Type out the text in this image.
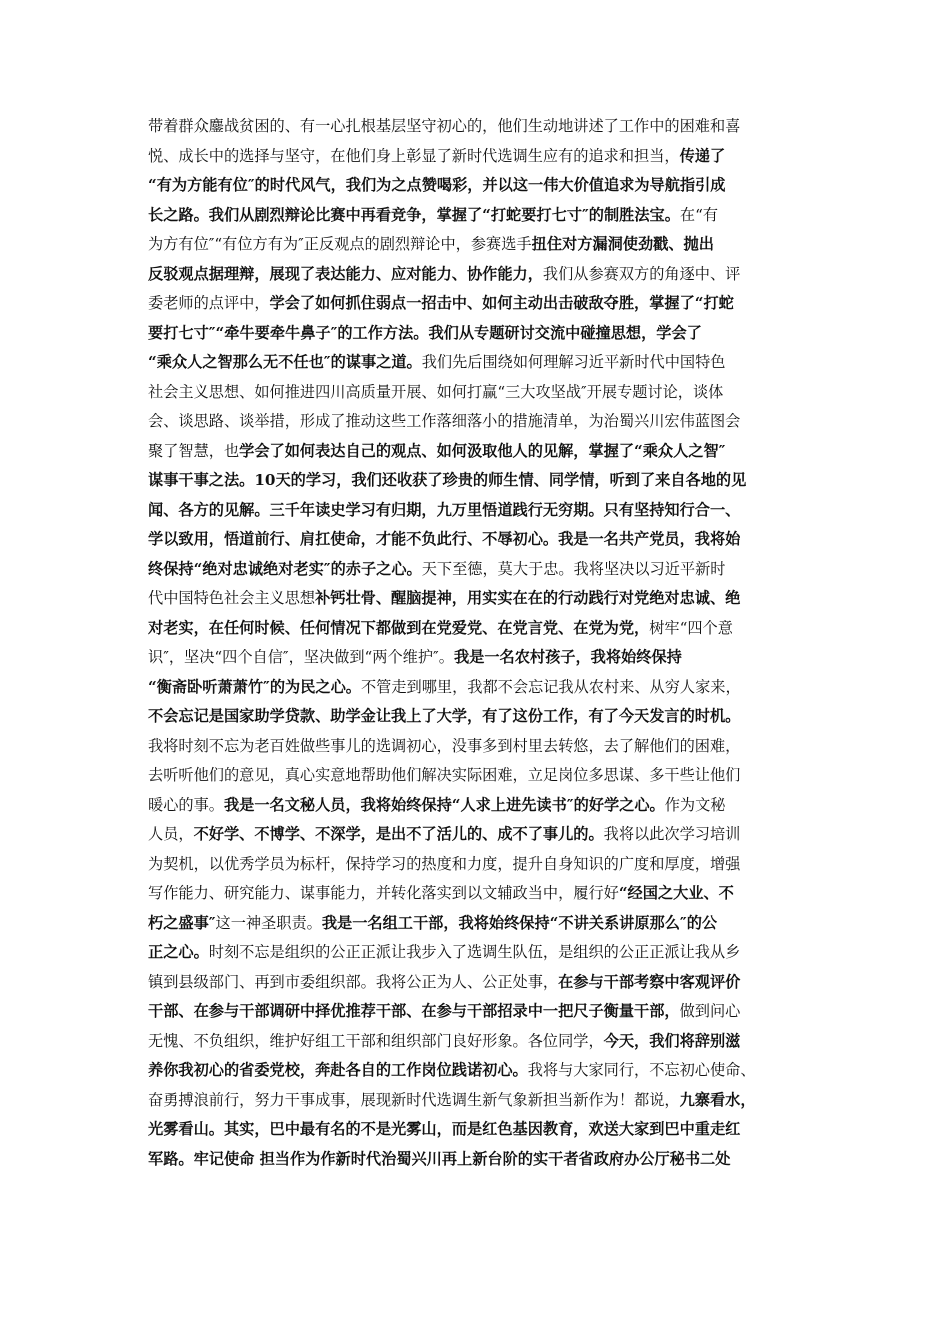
带着群众鏖战贫困的、有一心扎根基层坚守初心的，他们生动地讲述了工作中的困难和喜
悦、成长中的选择与坚守，在他们身上彰显了新时代选调生应有的追求和担当，传递了
“有为方能有位″的时代风气，我们为之点赞喝彩，并以这一伟大价值追求为导航指引成
长之路。我们从剧烈辩论比赛中再看竞争，掌握了“打蛇要打七寸″的制胜法宝。在“有
为方有位″“有位方有为″正反观点的剧烈辩论中，参赛选手扭住对方漏洞使劲戳、抛出
反驳观点据理辩，展现了表达能力、应对能力、协作能力，我们从参赛双方的角逐中、评
委老师的点评中，学会了如何抓住弱点一招击中、如何主动出击破敌夺胜，掌握了“打蛇
要打七寸″“牵牛要牵牛鼻子″的工作方法。我们从专题研讨交流中碰撞思想，学会了
“乘众人之智那么无不任也″的谋事之道。我们先后围绕如何理解习近平新时代中国特色
社会主义思想、如何推进四川高质量开展、如何打赢“三大攻坚战″开展专题讨论，谈体
会、谈思路、谈举措，形成了推动这些工作落细落小的措施清单，为治蜀兴川宏伟蓝图会
聚了智慧，也学会了如何表达自己的观点、如何汲取他人的见解，掌握了“乘众人之智″
谋事干事之法。10天的学习，我们还收获了珍贵的师生情、同学情，听到了来自各地的见
闻、各方的见解。三千年读史学习有归期，九万里悟道践行无穷期。只有坚持知行合一、
学以致用，悟道前行、肩扛使命，才能不负此行、不辱初心。我是一名共产党员，我将始
终保持“绝对忠诚绝对老实″的赤子之心。天下至德，莫大于忠。我将坚决以习近平新时
代中国特色社会主义思想补钙壮骨、醒脑提神，用实实在在的行动践行对党绝对忠诚、绝
对老实，在任何时候、任何情况下都做到在党爱党、在党言党、在党为党，树牢“四个意
识″，坚决“四个自信″，坚决做到“两个维护″。我是一名农村孩子，我将始终保持
“衡斋卧听萧萧竹″的为民之心。不管走到哪里，我都不会忘记我从农村来、从穷人家来，
不会忘记是国家助学贷款、助学金让我上了大学，有了这份工作，有了今天发言的时机。
我将时刻不忘为老百姓做些事儿的选调初心，没事多到村里去转悠，去了解他们的困难，
去听听他们的意见，真心实意地帮助他们解决实际困难，立足岗位多思谋、多干些让他们
暖心的事。我是一名文秘人员，我将始终保持“人求上进先读书″的好学之心。作为文秘
人员，不好学、不博学、不深学，是出不了活儿的、成不了事儿的。我将以此次学习培训
为契机，以优秀学员为标杆，保持学习的热度和力度，提升自身知识的广度和厚度，增强
写作能力、研究能力、谋事能力，并转化落实到以文辅政当中，履行好“经国之大业、不
朽之盛事″这一神圣职责。我是一名组工干部，我将始终保持“不讲关系讲原那么″的公
正之心。时刻不忘是组织的公正正派让我步入了选调生队伍，是组织的公正正派让我从乡
镇到县级部门、再到市委组织部。我将公正为人、公正处事，在参与干部考察中客观评价
干部、在参与干部调研中择优推荐干部、在参与干部招录中一把尺子衡量干部，做到问心
无愧、不负组织，维护好组工干部和组织部门良好形象。各位同学，今天，我们将辞别滋
养你我初心的省委党校，奔赴各自的工作岗位践诺初心。我将与大家同行，不忘初心使命、
奋勇搏浪前行，努力干事成事，展现新时代选调生新气象新担当新作为！都说，九寨看水，
光雾看山。其实，巴中最有名的不是光雾山，而是红色基因教育，欢送大家到巴中重走红
军路。牢记使命 担当作为作新时代治蜀兴川再上新台阶的实干者省政府办公厅秘书二处
